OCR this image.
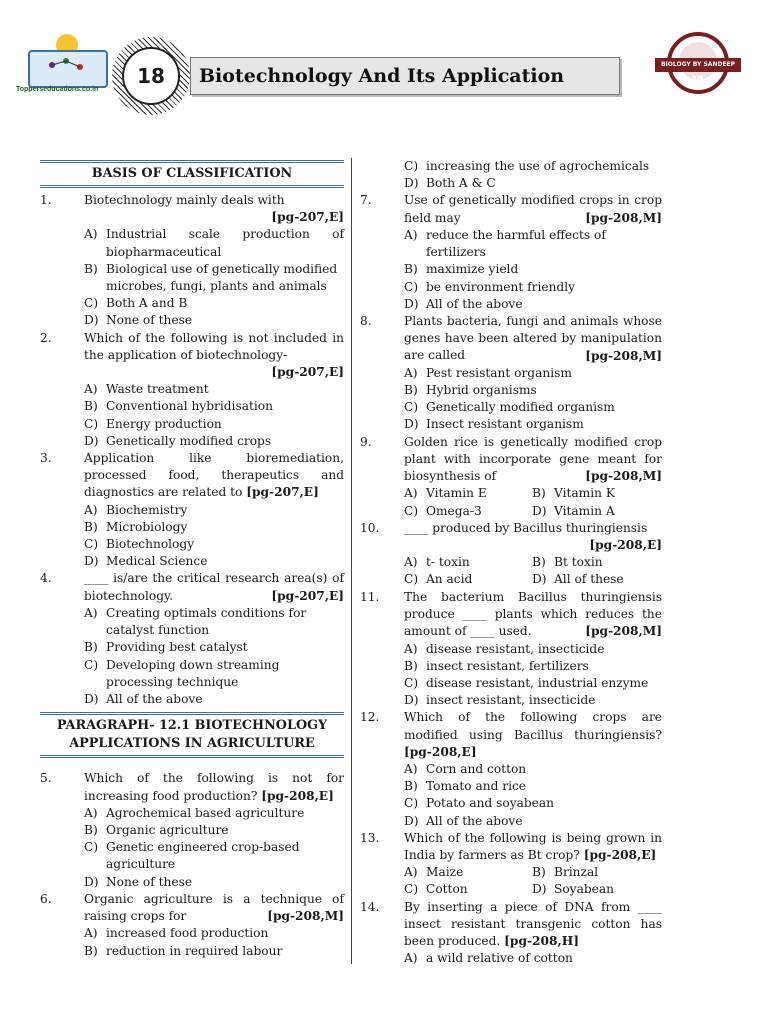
Topperseducations.co.in
18	Biotechnology And Its Application
BIOLOGY BY SANDEEP SIR
BASIS OF CLASSIFICATION
1.	Biotechnology mainly deals with
[pg-207,E]
A) Industrial scale production of biopharmaceutical
B) Biological use of genetically modified microbes, fungi, plants and animals
C) Both A and B
D) None of these
2.	Which of the following is not included in the application of biotechnology-
[pg-207,E]
A) Waste treatment
B) Conventional hybridisation
C) Energy production
D) Genetically modified crops
3.	Application like bioremediation, processed food, therapeutics and diagnostics are related to [pg-207,E]
A) Biochemistry
B) Microbiology
C) Biotechnology
D) Medical Science
4.	____ is/are the critical research area(s) of biotechnology.	[pg-207,E]
A) Creating optimals conditions for catalyst function
B) Providing best catalyst
C) Developing down streaming processing technique
D) All of the above
PARAGRAPH- 12.1 BIOTECHNOLOGY APPLICATIONS IN AGRICULTURE
5.	Which of the following is not for increasing food production? [pg-208,E]
A) Agrochemical based agriculture
B) Organic agriculture
C) Genetic engineered crop-based agriculture
D) None of these
6.	Organic agriculture is a technique of raising crops for	[pg-208,M]
A) increased food production
B) reduction in required labour
C) increasing the use of agrochemicals
D) Both A & C
7.	Use of genetically modified crops in crop field may	[pg-208,M]
A) reduce the harmful effects of fertilizers
B) maximize yield
C) be environment friendly
D) All of the above
8.	Plants bacteria, fungi and animals whose genes have been altered by manipulation are called	[pg-208,M]
A) Pest resistant organism
B) Hybrid organisms
C) Genetically modified organism
D) Insect resistant organism
9.	Golden rice is genetically modified crop plant with incorporate gene meant for biosynthesis of	[pg-208,M]
A) Vitamin E	B) Vitamin K
C) Omega-3	D) Vitamin A
10.	____ produced by Bacillus thuringiensis
[pg-208,E]
A) t- toxin	B) Bt toxin
C) An acid	D) All of these
11.	The bacterium Bacillus thuringiensis produce ____ plants which reduces the amount of ____ used.	[pg-208,M]
A) disease resistant, insecticide
B) insect resistant, fertilizers
C) disease resistant, industrial enzyme
D) insect resistant, insecticide
12.	Which of the following crops are modified using Bacillus thuringiensis? [pg-208,E]
A) Corn and cotton
B) Tomato and rice
C) Potato and soyabean
D) All of the above
13.	Which of the following is being grown in India by farmers as Bt crop? [pg-208,E]
A) Maize	B) Brinzal
C) Cotton	D) Soyabean
14.	By inserting a piece of DNA from ____ insect resistant transgenic cotton has been produced. [pg-208,H]
A) a wild relative of cotton
